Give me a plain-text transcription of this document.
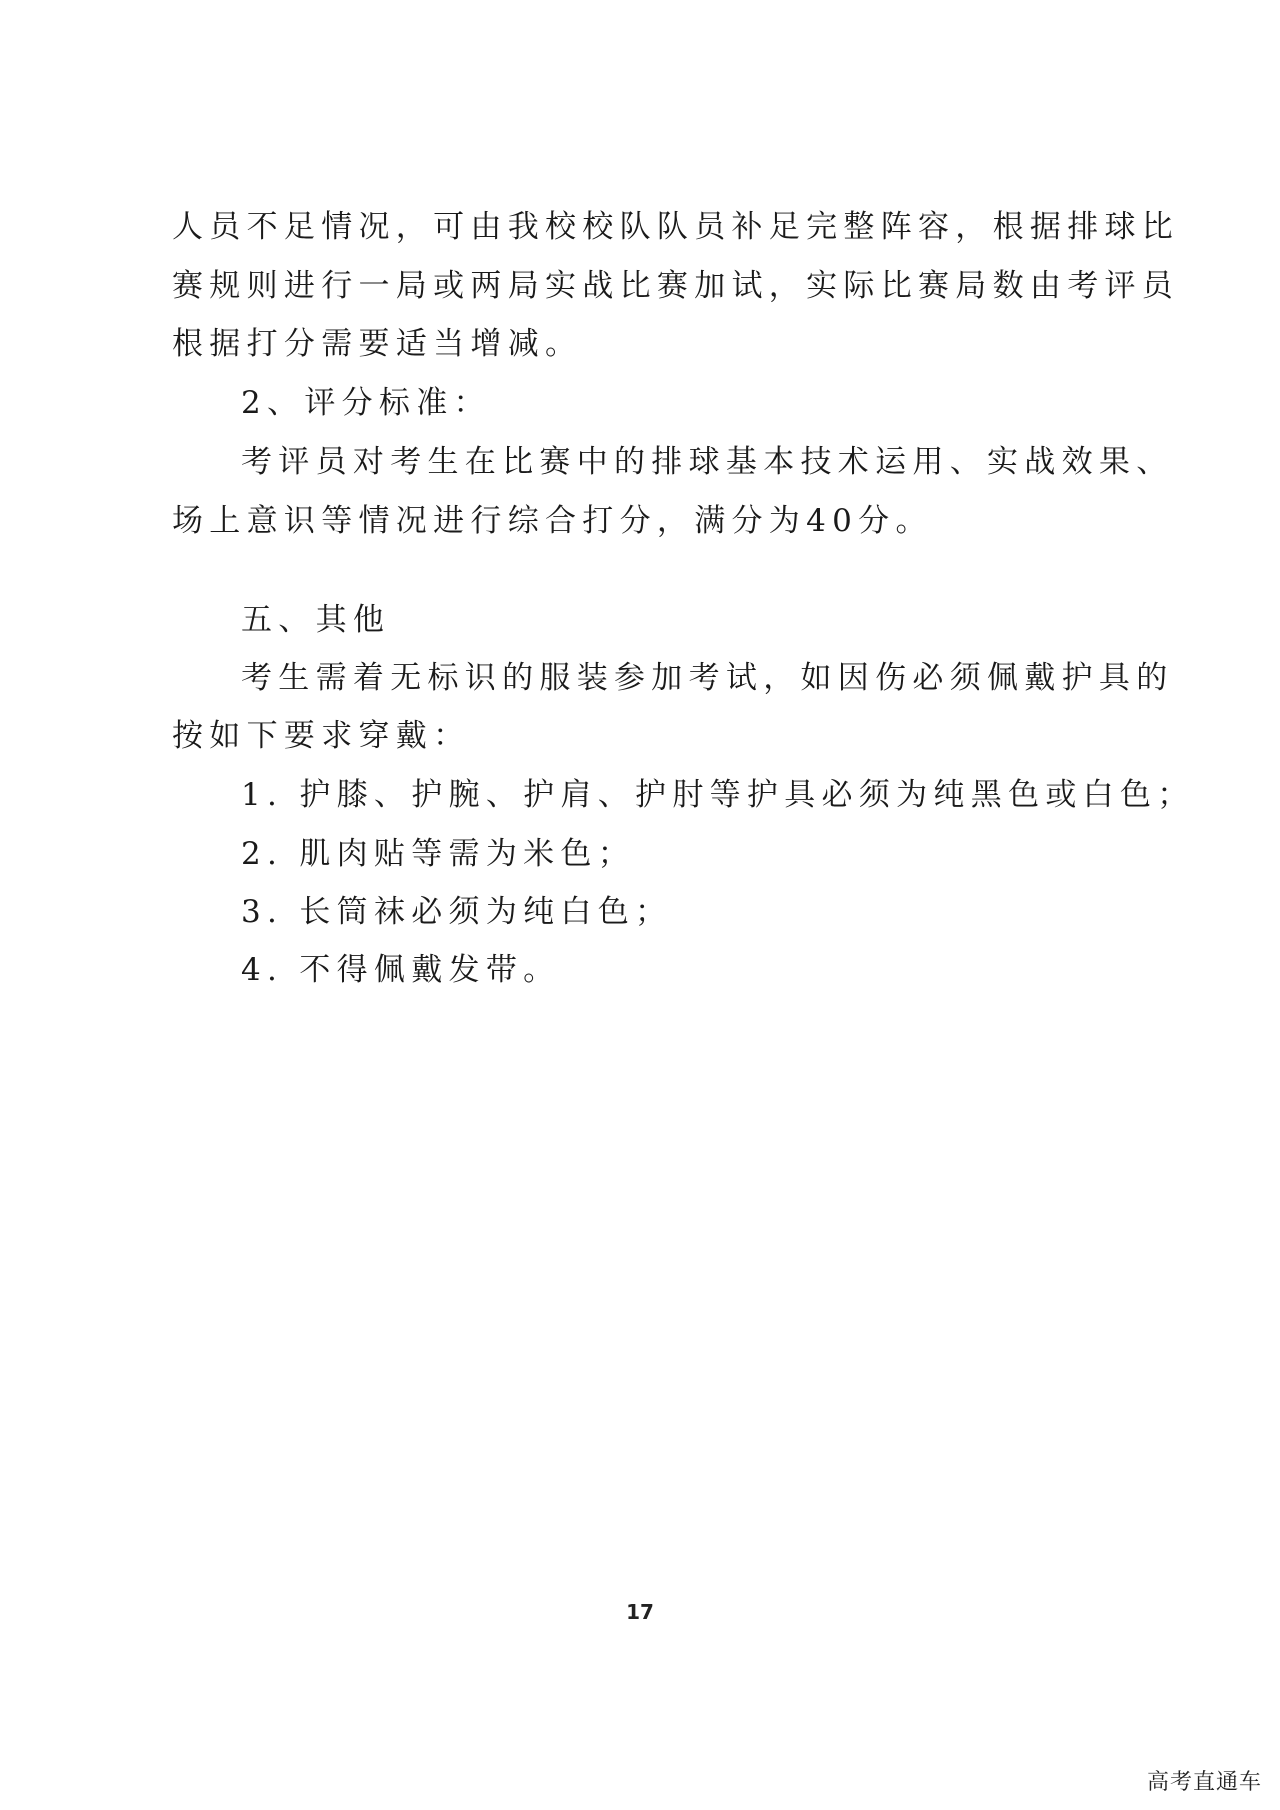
人员不足情况，可由我校校队队员补足完整阵容，根据排球比
赛规则进行一局或两局实战比赛加试，实际比赛局数由考评员
根据打分需要适当增减。
2、评分标准：
考评员对考生在比赛中的排球基本技术运用、实战效果、
场上意识等情况进行综合打分，满分为40分。
五、其他
考生需着无标识的服装参加考试，如因伤必须佩戴护具的
按如下要求穿戴：
1. 护膝、护腕、护肩、护肘等护具必须为纯黑色或白色；
2. 肌肉贴等需为米色；
3. 长筒袜必须为纯白色；
4. 不得佩戴发带。
17
高考直通车
